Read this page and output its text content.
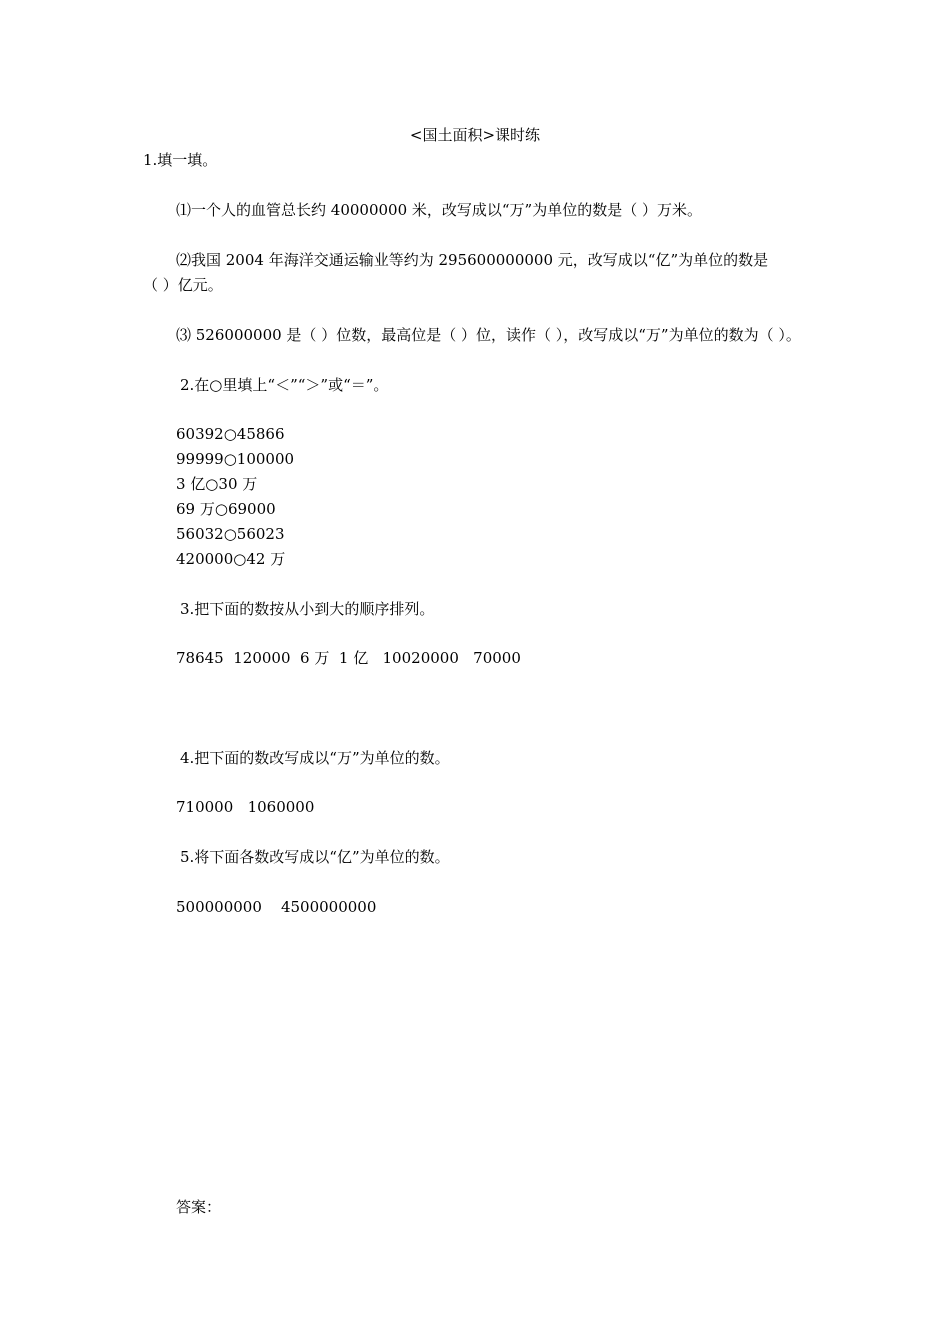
<国土面积>课时练
1.填一填。
⑴一个人的血管总长约 40000000 米，改写成以“万”为单位的数是（ ）万米。
⑵我国 2004 年海洋交通运输业等约为 295600000000 元，改写成以“亿”为单位的数是
（ ）亿元。
⑶ 526000000 是（ ）位数，最高位是（ ）位，读作（ ），改写成以“万”为单位的数为（ ）。
2.在○里填上“＜”“＞”或“＝”。
60392○45866
99999○100000
3 亿○30 万
69 万○69000
56032○56023
420000○42 万
3.把下面的数按从小到大的顺序排列。
78645  120000  6 万  1 亿   10020000   70000
4.把下面的数改写成以“万”为单位的数。
710000   1060000
5.将下面各数改写成以“亿”为单位的数。
500000000    4500000000
答案：
